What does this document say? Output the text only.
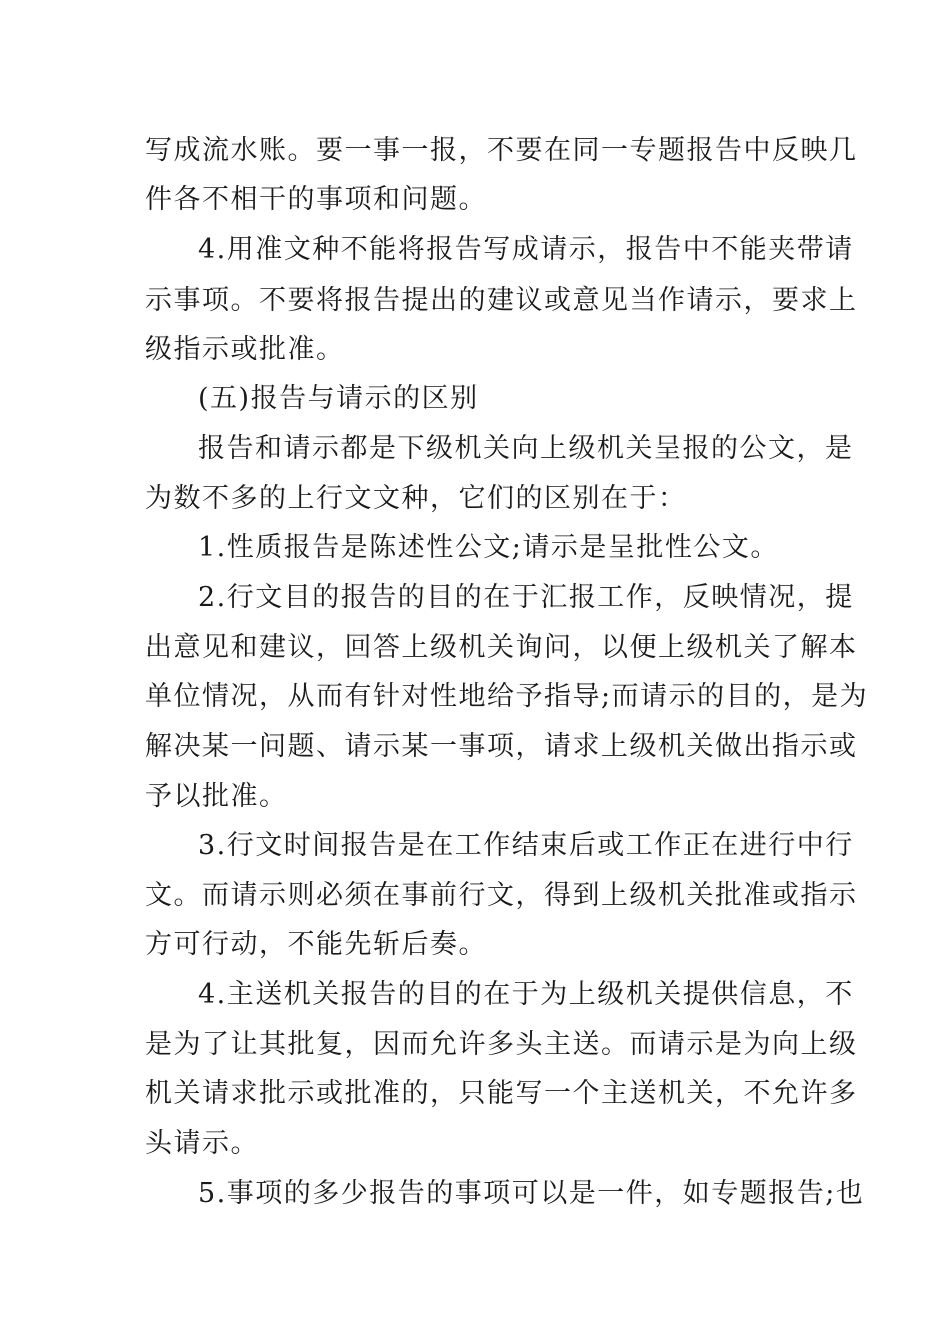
写成流水账。要一事一报，不要在同一专题报告中反映几
件各不相干的事项和问题。
4.用准文种不能将报告写成请示，报告中不能夹带请
示事项。不要将报告提出的建议或意见当作请示，要求上
级指示或批准。
(五)报告与请示的区别
报告和请示都是下级机关向上级机关呈报的公文，是
为数不多的上行文文种，它们的区别在于：
1.性质报告是陈述性公文;请示是呈批性公文。
2.行文目的报告的目的在于汇报工作，反映情况，提
出意见和建议，回答上级机关询问，以便上级机关了解本
单位情况，从而有针对性地给予指导;而请示的目的，是为
解决某一问题、请示某一事项，请求上级机关做出指示或
予以批准。
3.行文时间报告是在工作结束后或工作正在进行中行
文。而请示则必须在事前行文，得到上级机关批准或指示
方可行动，不能先斩后奏。
4.主送机关报告的目的在于为上级机关提供信息，不
是为了让其批复，因而允许多头主送。而请示是为向上级
机关请求批示或批准的，只能写一个主送机关，不允许多
头请示。
5.事项的多少报告的事项可以是一件，如专题报告;也
